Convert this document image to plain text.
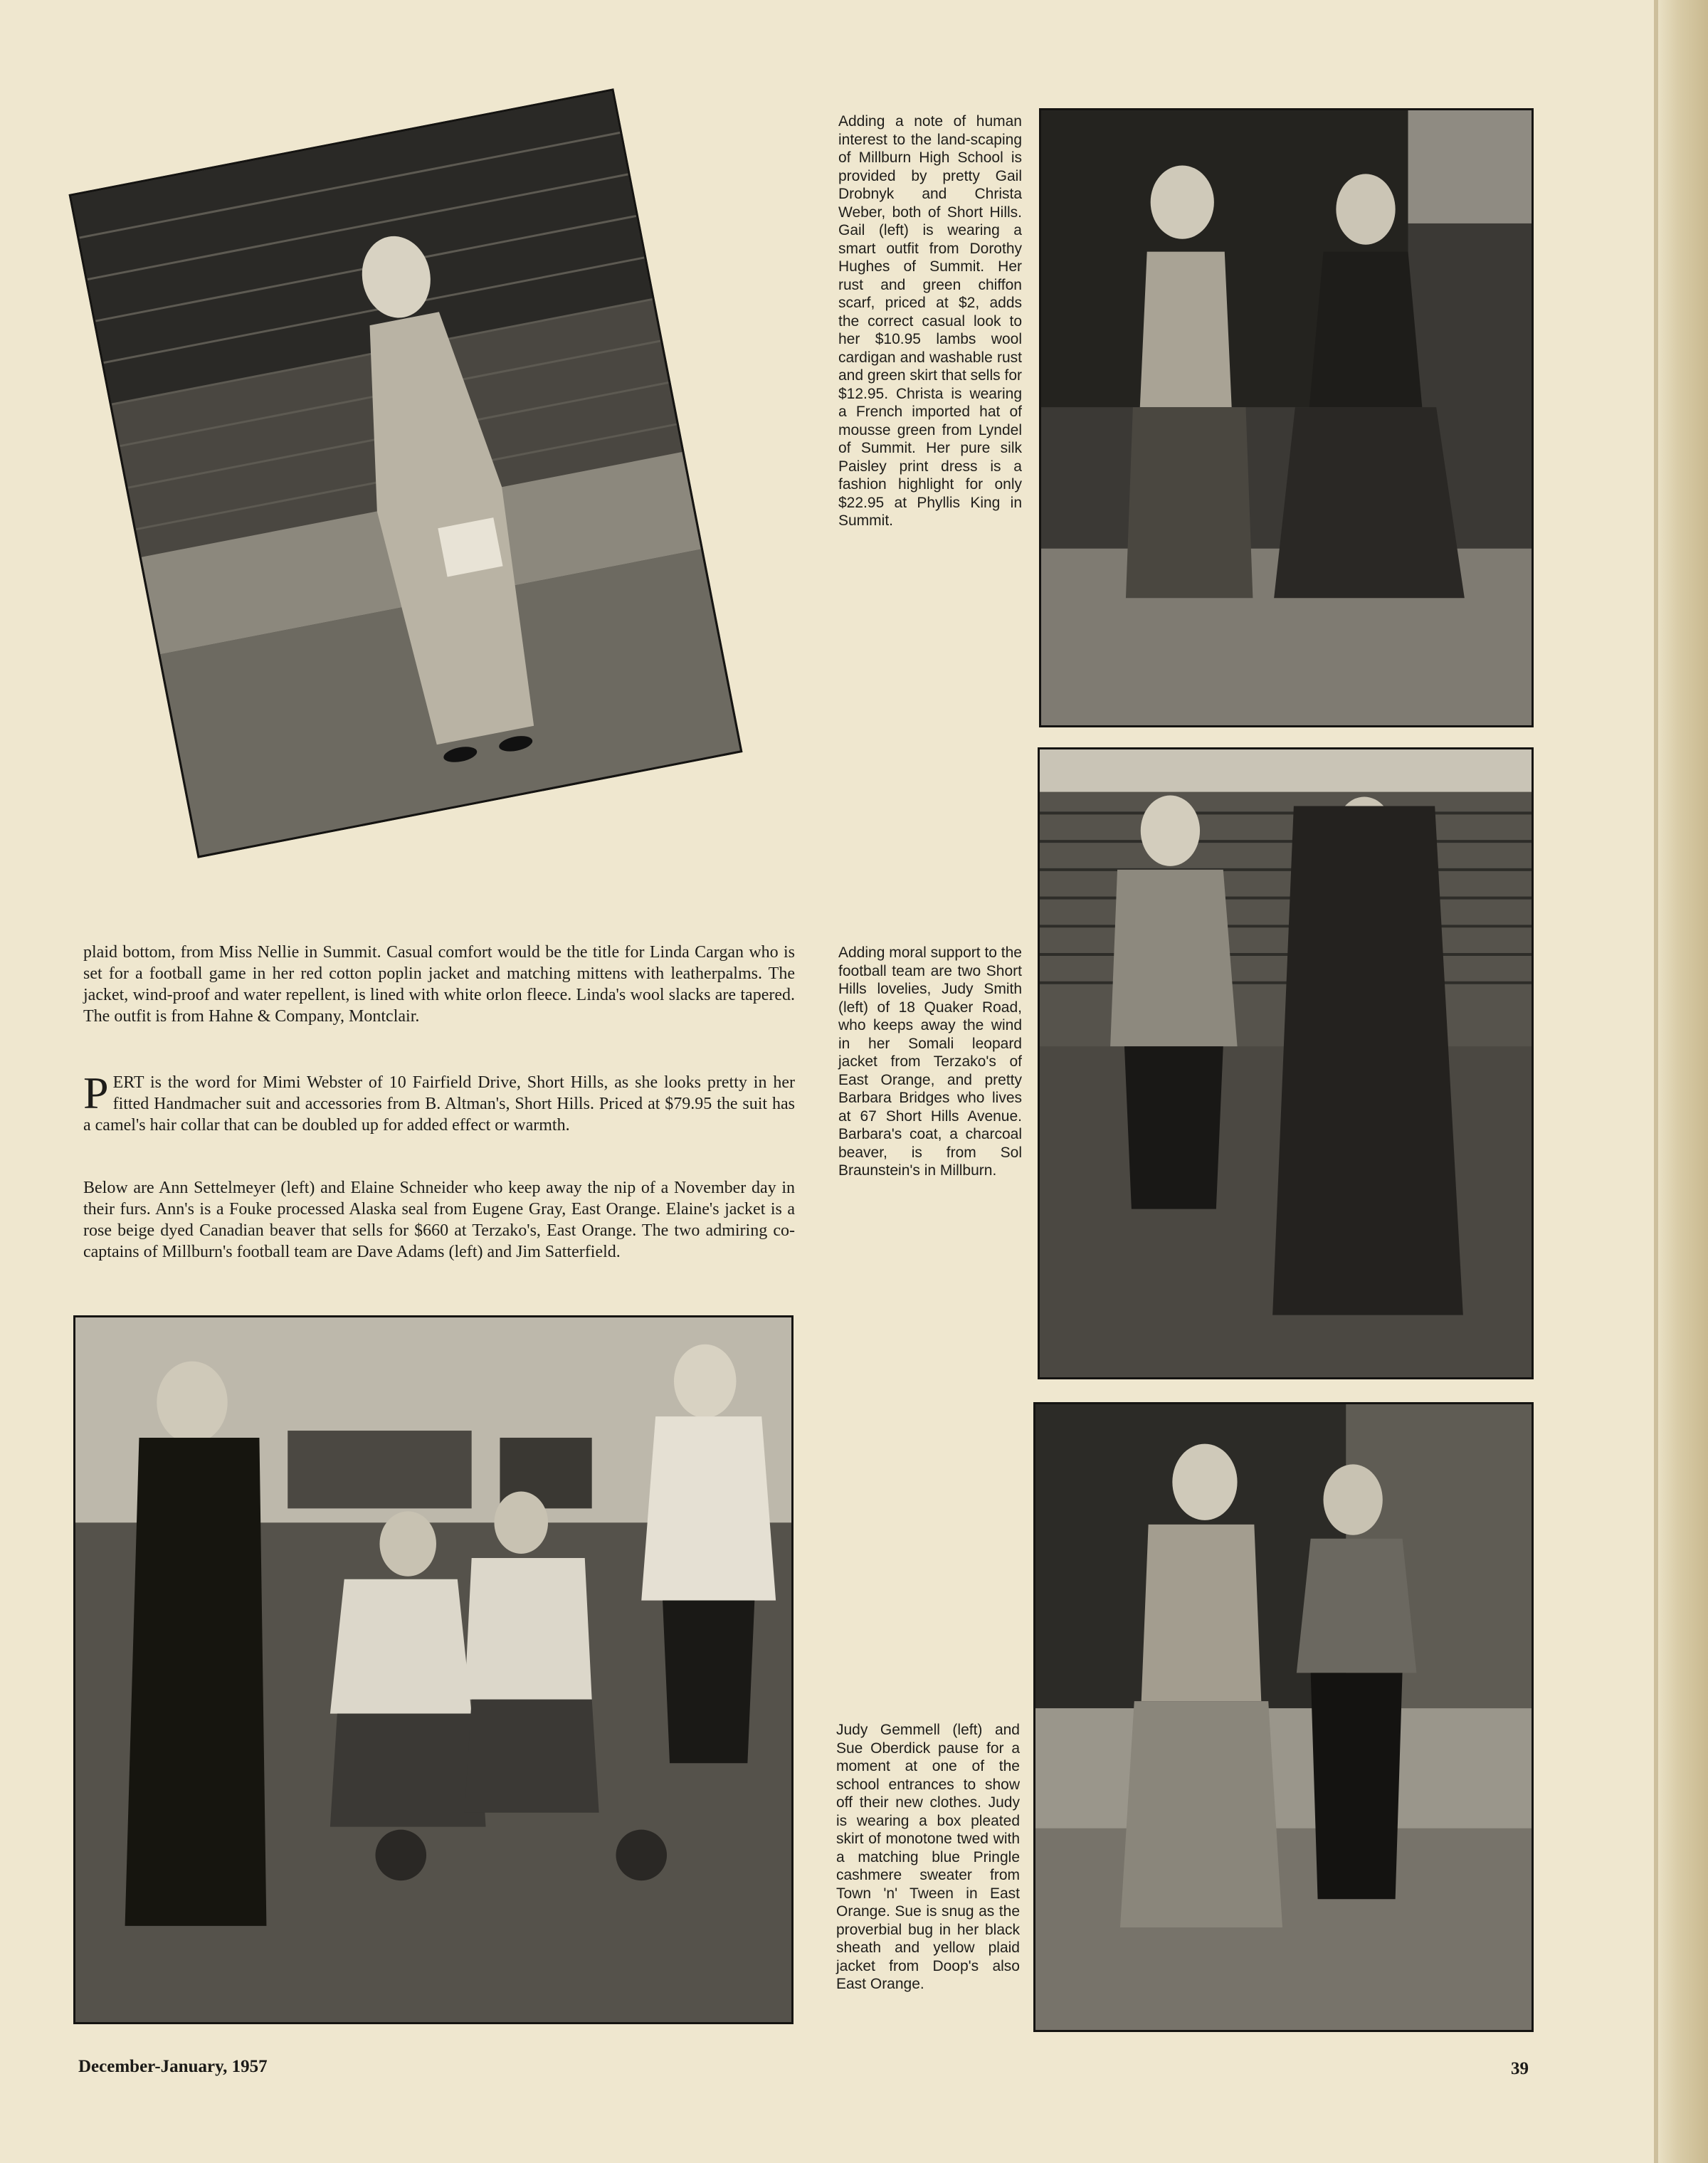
Adding a note of human interest to the land-scaping of Millburn High School is provided by pretty Gail Drobnyk and Christa Weber, both of Short Hills. Gail (left) is wearing a smart outfit from Dorothy Hughes of Summit. Her rust and green chiffon scarf, priced at $2, adds the correct casual look to her $10.95 lambs wool cardigan and washable rust and green skirt that sells for $12.95. Christa is wearing a French imported hat of mousse green from Lyndel of Summit. Her pure silk Paisley print dress is a fashion highlight for only $22.95 at Phyllis King in Summit.
Adding moral support to the football team are two Short Hills lovelies, Judy Smith (left) of 18 Quaker Road, who keeps away the wind in her Somali leopard jacket from Terzako's of East Orange, and pretty Barbara Bridges who lives at 67 Short Hills Avenue. Barbara's coat, a charcoal beaver, is from Sol Braunstein's in Millburn.
Judy Gemmell (left) and Sue Oberdick pause for a moment at one of the school entrances to show off their new clothes. Judy is wearing a box pleated skirt of monotone twed with a matching blue Pringle cashmere sweater from Town 'n' Tween in East Orange. Sue is snug as the proverbial bug in her black sheath and yellow plaid jacket from Doop's also East Orange.
plaid bottom, from Miss Nellie in Summit. Casual comfort would be the title for Linda Cargan who is set for a football game in her red cotton poplin jacket and matching mittens with leatherpalms. The jacket, wind-proof and water repellent, is lined with white orlon fleece. Linda's wool slacks are tapered. The outfit is from Hahne & Company, Montclair.
PERT is the word for Mimi Webster of 10 Fairfield Drive, Short Hills, as she looks pretty in her fitted Handmacher suit and accessories from B. Altman's, Short Hills. Priced at $79.95 the suit has a camel's hair collar that can be doubled up for added effect or warmth.
Below are Ann Settelmeyer (left) and Elaine Schneider who keep away the nip of a November day in their furs. Ann's is a Fouke processed Alaska seal from Eugene Gray, East Orange. Elaine's jacket is a rose beige dyed Canadian beaver that sells for $660 at Terzako's, East Orange. The two admiring co-captains of Millburn's football team are Dave Adams (left) and Jim Satterfield.
December-January, 1957	39
